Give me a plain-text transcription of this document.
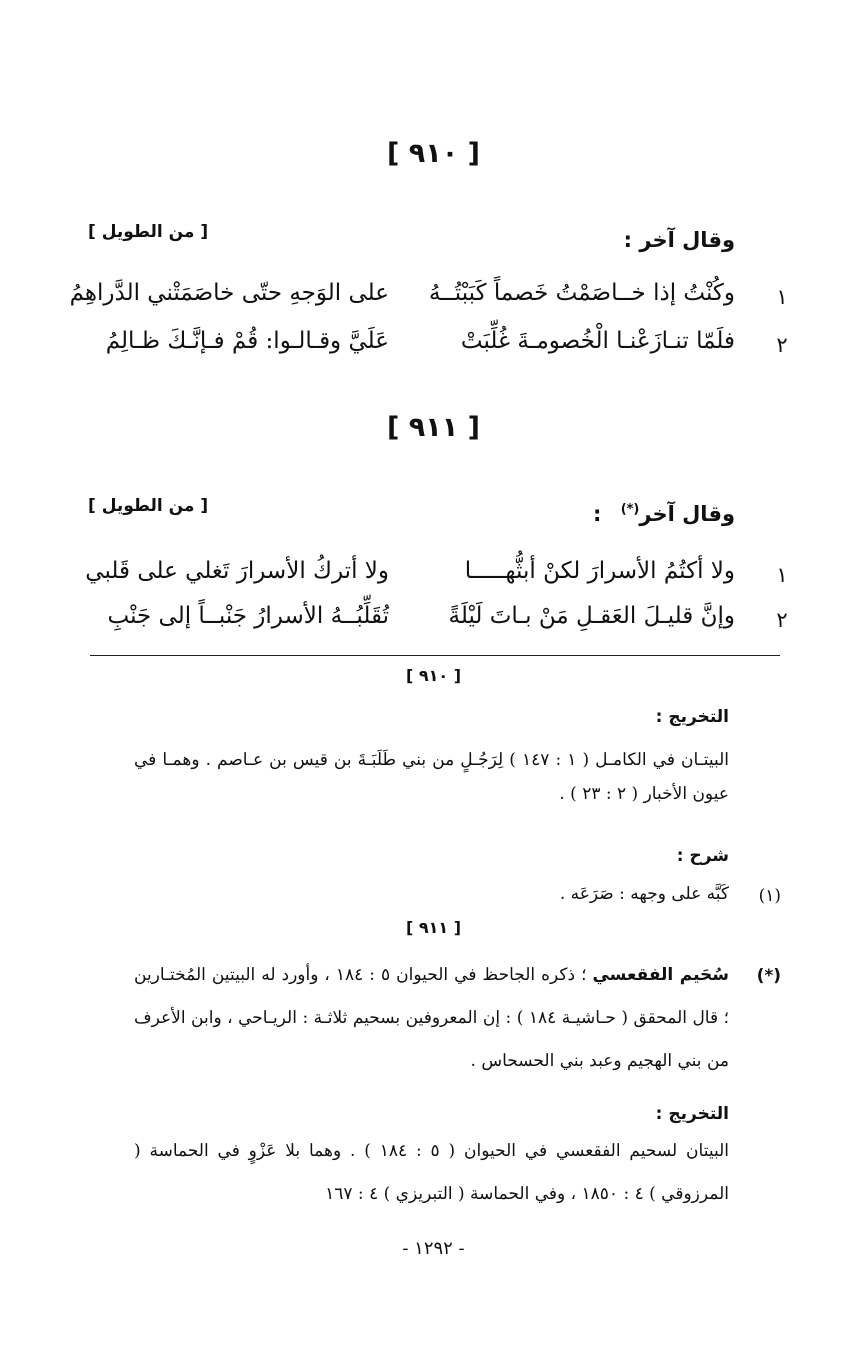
[ ٩١٠ ]
وقال آخر :
[ من الطويل ]
١
وكُنْتُ إذا خــاصَمْتُ خَصماً كَبَبْتُــهُ
على الوَجهِ حتّى خاصَمَتْني الدَّراهِمُ
٢
فلَمّا تنـازَعْنـا الْخُصومـةَ غُلِّبَتْ
عَلَيَّ وقـالـوا: قُمْ فـإنَّـكَ ظـالِمُ
[ ٩١١ ]
وقال آخر(*) :
[ من الطويل ]
١
ولا أكتُمُ الأسرارَ لكنْ أبثُّهـــــا
ولا أتركُ الأسرارَ تَغلي على قَلبي
٢
وإنَّ قليـلَ العَقـلِ مَنْ بـاتَ لَيْلَةً
تُقَلِّبُــهُ الأسرارُ جَنْبــاً إلى جَنْبِ
[ ٩١٠ ]
التخريج :
البيتـان في الكامـل ( ١ : ١٤٧ ) لِرَجُـلٍ من بني طَلَبَـةَ بن قيس بن عـاصم . وهمـا في عيون الأخبار ( ٢ : ٢٣ ) .
شرح :
(١)
كَبَّه على وجهه : صَرَعَه .
[ ٩١١ ]
(*)
سُحَيم الفقعسي ؛ ذكره الجاحظ في الحيوان ٥ : ١٨٤ ، وأورد له البيتين المُختـارين ؛ قال المحقق ( حـاشيـة ١٨٤ ) : إن المعروفين بسحيم ثلاثـة : الريـاحي ، وابن الأعرف من بني الهجيم وعبد بني الحسحاس .
التخريج :
البيتان لسحيم الفقعسي في الحيوان ( ٥ : ١٨٤ ) . وهما بلا عَزْوٍ في الحماسة ( المرزوقي ) ٤ : ١٨٥٠ ، وفي الحماسة ( التبريزي ) ٤ : ١٦٧
- ١٢٩٢ -
